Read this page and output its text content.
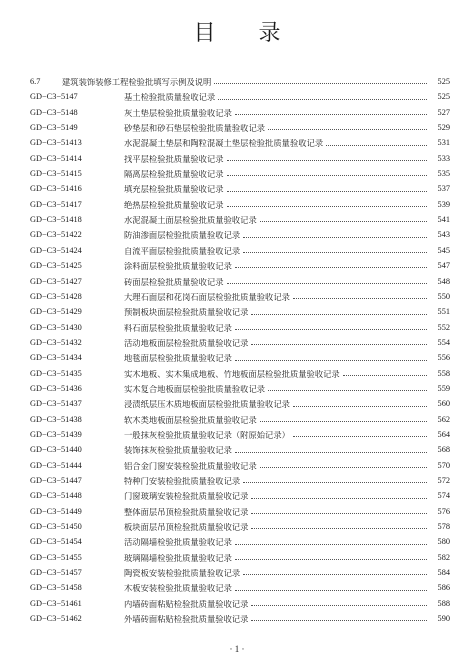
目 录
6.7	建筑装饰装修工程检验批填写示例及说明	525
GD−C3−5147	基土检验批质量验收记录	525
GD−C3−5148	灰土垫层检验批质量验收记录	527
GD−C3−5149	砂垫层和砂石垫层检验批质量验收记录	529
GD−C3−51413	水泥混凝土垫层和陶粒混凝土垫层检验批质量验收记录	531
GD−C3−51414	找平层检验批质量验收记录	533
GD−C3−51415	隔离层检验批质量验收记录	535
GD−C3−51416	填充层检验批质量验收记录	537
GD−C3−51417	绝热层检验批质量验收记录	539
GD−C3−51418	水泥混凝土面层检验批质量验收记录	541
GD−C3−51422	防油渗面层检验批质量验收记录	543
GD−C3−51424	自流平面层检验批质量验收记录	545
GD−C3−51425	涂料面层检验批质量验收记录	547
GD−C3−51427	砖面层检验批质量验收记录	548
GD−C3−51428	大理石面层和花岗石面层检验批质量验收记录	550
GD−C3−51429	预制板块面层检验批质量验收记录	551
GD−C3−51430	料石面层检验批质量验收记录	552
GD−C3−51432	活动地板面层检验批质量验收记录	554
GD−C3−51434	地毯面层检验批质量验收记录	556
GD−C3−51435	实木地板、实木集成地板、竹地板面层检验批质量验收记录	558
GD−C3−51436	实木复合地板面层检验批质量验收记录	559
GD−C3−51437	浸渍纸层压木质地板面层检验批质量验收记录	560
GD−C3−51438	软木类地板面层检验批质量验收记录	562
GD−C3−51439	一般抹灰检验批质量验收记录（附原始记录）	564
GD−C3−51440	装饰抹灰检验批质量验收记录	568
GD−C3−51444	铝合金门窗安装检验批质量验收记录	570
GD−C3−51447	特种门安装检验批质量验收记录	572
GD−C3−51448	门窗玻璃安装检验批质量验收记录	574
GD−C3−51449	整体面层吊顶检验批质量验收记录	576
GD−C3−51450	板块面层吊顶检验批质量验收记录	578
GD−C3−51454	活动隔墙检验批质量验收记录	580
GD−C3−51455	玻璃隔墙检验批质量验收记录	582
GD−C3−51457	陶瓷板安装检验批质量验收记录	584
GD−C3−51458	木板安装检验批质量验收记录	586
GD−C3−51461	内墙砖面粘贴检验批质量验收记录	588
GD−C3−51462	外墙砖面粘贴检验批质量验收记录	590
· 1 ·
